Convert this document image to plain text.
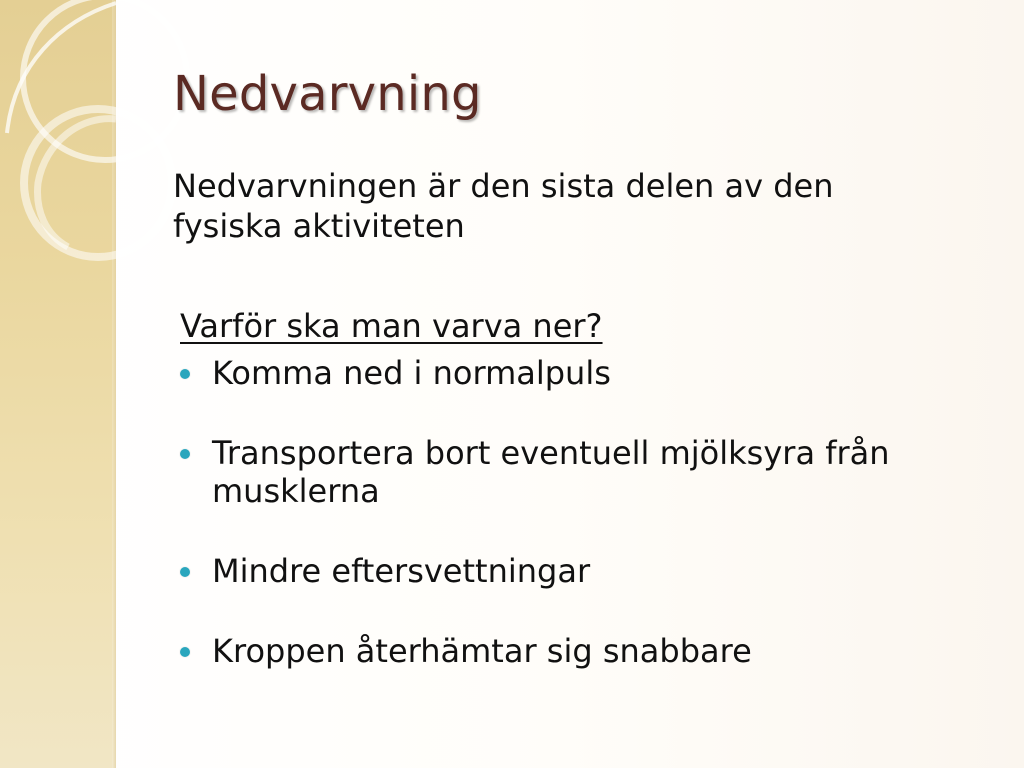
Nedvarvning

Nedvarvningen är den sista delen av den fysiska aktiviteten

Varför ska man varva ner?

Komma ned i normalpuls
Transportera bort eventuell mjölksyra från musklerna
Mindre eftersvettningar
Kroppen återhämtar sig snabbare
